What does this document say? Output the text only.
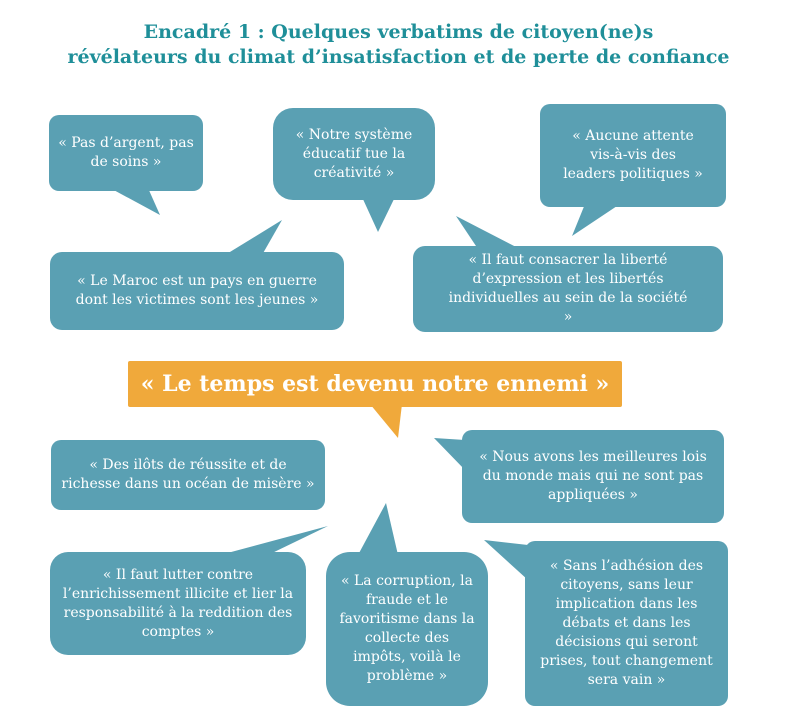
Encadré 1 : Quelques verbatims de citoyen(ne)s
révélateurs du climat d’insatisfaction et de perte de confiance
« Pas d’argent, pas de soins »
« Notre système éducatif tue la créativité »
« Aucune attente vis-à-vis des leaders politiques »
« Le Maroc est un pays en guerre dont les victimes sont les jeunes »
« Il faut consacrer la liberté d’expression et les libertés individuelles au sein de la société »
« Des ilôts de réussite et de richesse dans un océan de misère »
« Nous avons les meilleures lois du monde mais qui ne sont pas appliquées »
« Il faut lutter contre l’enrichissement illicite et lier la responsabilité à la reddition des comptes »
« La corruption, la fraude et le favoritisme dans la collecte des impôts, voilà le problème »
« Sans l’adhésion des citoyens, sans leur implication dans les débats et dans les décisions qui seront prises, tout changement sera vain »
« Le temps est devenu notre ennemi »
